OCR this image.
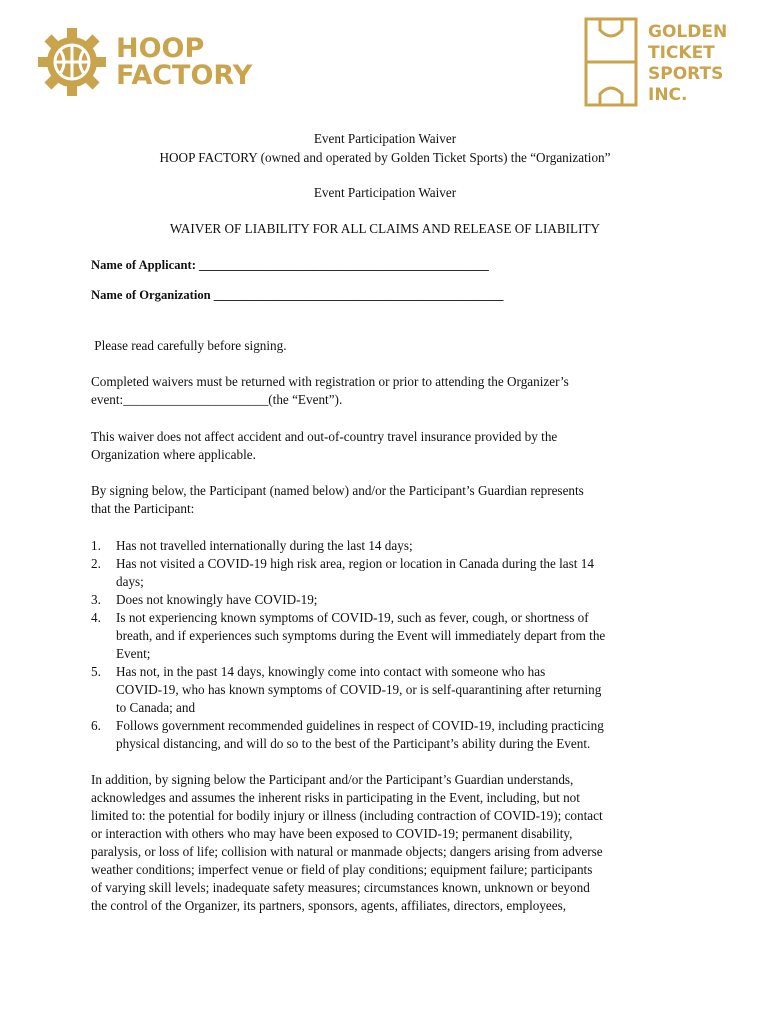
HOOP
FACTORY
GOLDEN
TICKET
SPORTS
INC.
Event Participation Waiver
HOOP FACTORY (owned and operated by Golden Ticket Sports) the “Organization”
Event Participation Waiver
WAIVER OF LIABILITY FOR ALL CLAIMS AND RELEASE OF LIABILITY
Name of Applicant: ______________________________________________
Name of Organization ______________________________________________
Please read carefully before signing.
Completed waivers must be returned with registration or prior to attending the Organizer’s
event:______________________(the “Event”).
This waiver does not affect accident and out-of-country travel insurance provided by the
Organization where applicable.
By signing below, the Participant (named below) and/or the Participant’s Guardian represents
that the Participant:
1. Has not travelled internationally during the last 14 days;
2. Has not visited a COVID-19 high risk area, region or location in Canada during the last 14
days;
3. Does not knowingly have COVID-19;
4. Is not experiencing known symptoms of COVID-19, such as fever, cough, or shortness of
breath, and if experiences such symptoms during the Event will immediately depart from the
Event;
5. Has not, in the past 14 days, knowingly come into contact with someone who has
COVID-19, who has known symptoms of COVID-19, or is self-quarantining after returning
to Canada; and
6. Follows government recommended guidelines in respect of COVID-19, including practicing
physical distancing, and will do so to the best of the Participant’s ability during the Event.
In addition, by signing below the Participant and/or the Participant’s Guardian understands,
acknowledges and assumes the inherent risks in participating in the Event, including, but not
limited to: the potential for bodily injury or illness (including contraction of COVID-19); contact
or interaction with others who may have been exposed to COVID-19; permanent disability,
paralysis, or loss of life; collision with natural or manmade objects; dangers arising from adverse
weather conditions; imperfect venue or field of play conditions; equipment failure; participants
of varying skill levels; inadequate safety measures; circumstances known, unknown or beyond
the control of the Organizer, its partners, sponsors, agents, affiliates, directors, employees,
